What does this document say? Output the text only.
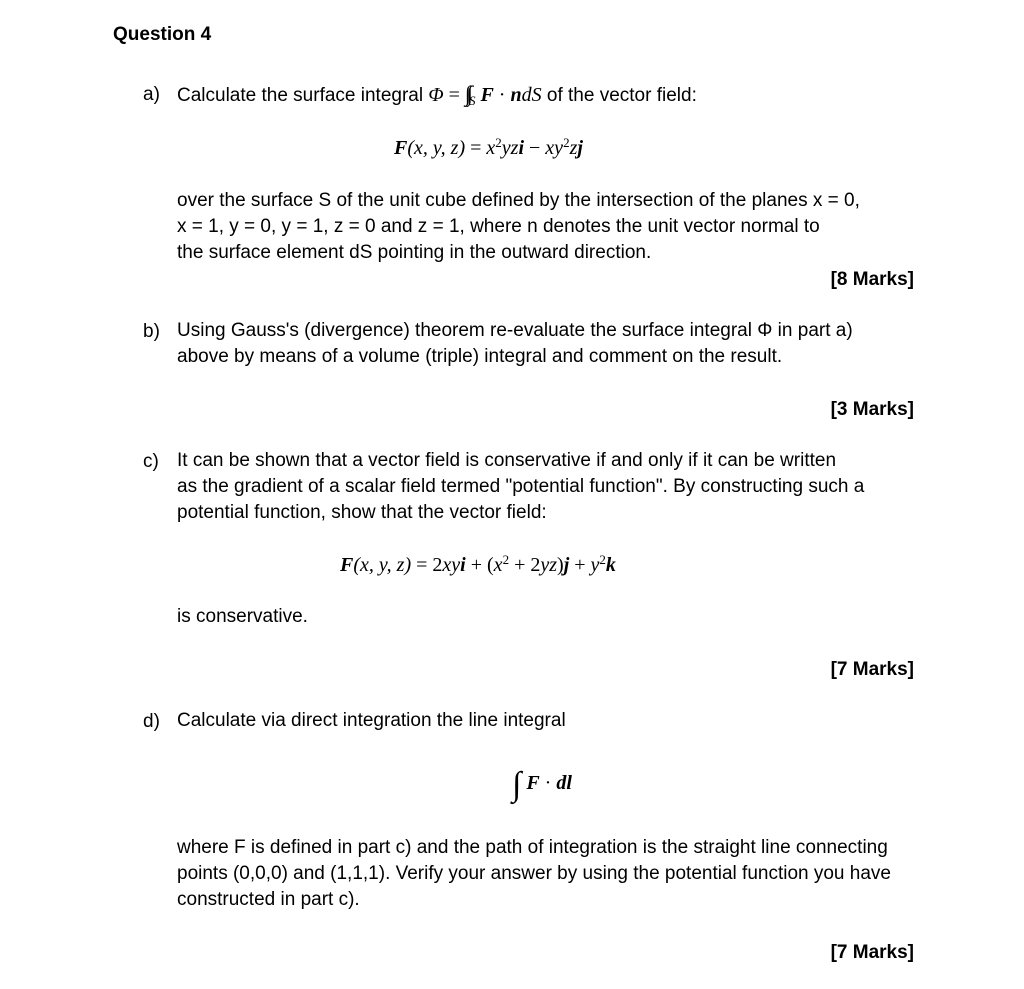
Question 4
a) Calculate the surface integral $\Phi = \int\int_S$ F · ndS of the vector field:
F(x, y, $z) = x^2yzi - xy^2zj$
over the surface S of the unit cube defined by the intersection of the planes x = 0,
x = 1, y = 0, y = 1, z = 0 and z = 1, where n denotes the unit vector normal to
the surface element dS pointing in the outward direction.
[8 Marks]
b) Using Gauss's (divergence) theorem re-evaluate the surface integral Φ in part a)
above by means of a volume (triple) integral and comment on the result.
[3 Marks]
c) It can be shown that a vector field is conservative if and only if it can be written
as the gradient of a scalar field termed "potential function". By constructing such a
potential function, show that the vector field:
F(x, y, $z) = 2xyi + (x^2 + 2yz)j + y^2k$
is conservative.
[7 Marks]
d) Calculate via direct integration the line integral
∫ F · dl
where F is defined in part c) and the path of integration is the straight line connecting
points (0,0,0) and (1,1,1). Verify your answer by using the potential function you have
constructed in part c).
[7 Marks]
